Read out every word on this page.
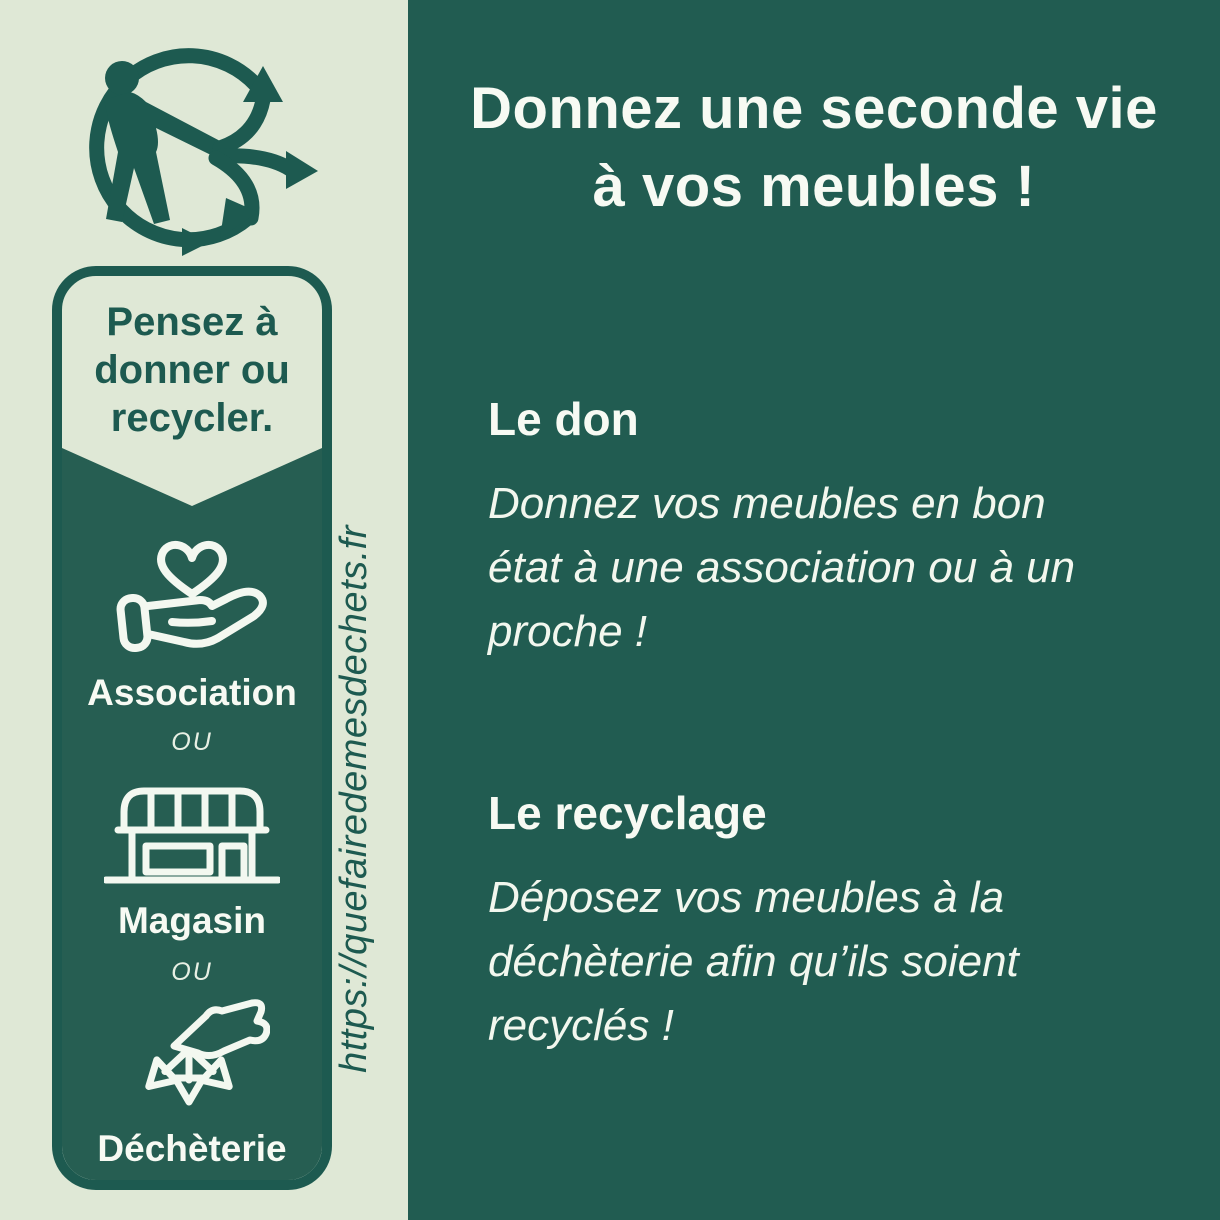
Donnez une seconde vie
à vos meubles !
Le don
Donnez vos meubles en bon
état à une association ou à un
proche !
Le recyclage
Déposez vos meubles à la
déchèterie afin qu’ils soient
recyclés !
Pensez à
donner ou
recycler.
Association
OU
Magasin
OU
Déchèterie
https://quefairedemesdechets.fr
